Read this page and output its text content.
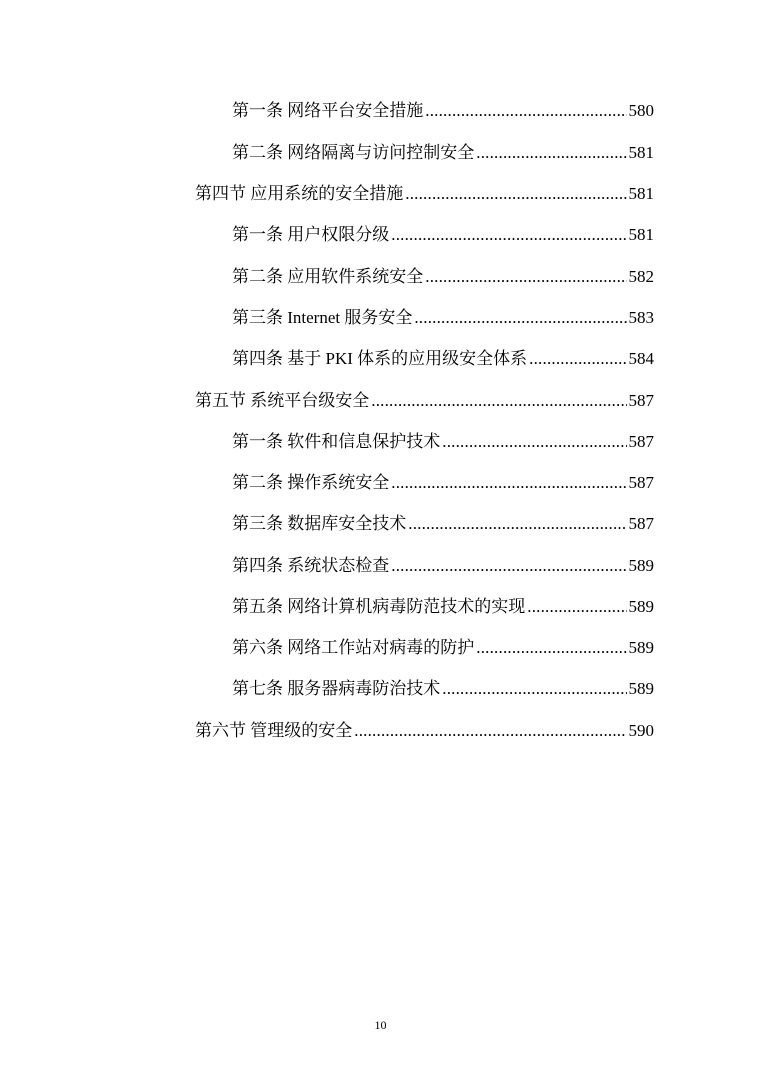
第一条 网络平台安全措施 .....	580
第二条 网络隔离与访问控制安全 .....	581
第四节 应用系统的安全措施 .....	581
第一条 用户权限分级 .....	581
第二条 应用软件系统安全 .....	582
第三条 Internet 服务安全 .....	583
第四条 基于 PKI 体系的应用级安全体系 .....	584
第五节 系统平台级安全 .....	587
第一条 软件和信息保护技术 .....	587
第二条 操作系统安全 .....	587
第三条 数据库安全技术 .....	587
第四条 系统状态检查 .....	589
第五条 网络计算机病毒防范技术的实现 .....	589
第六条 网络工作站对病毒的防护 .....	589
第七条 服务器病毒防治技术 .....	589
第六节 管理级的安全 .....	590
10
